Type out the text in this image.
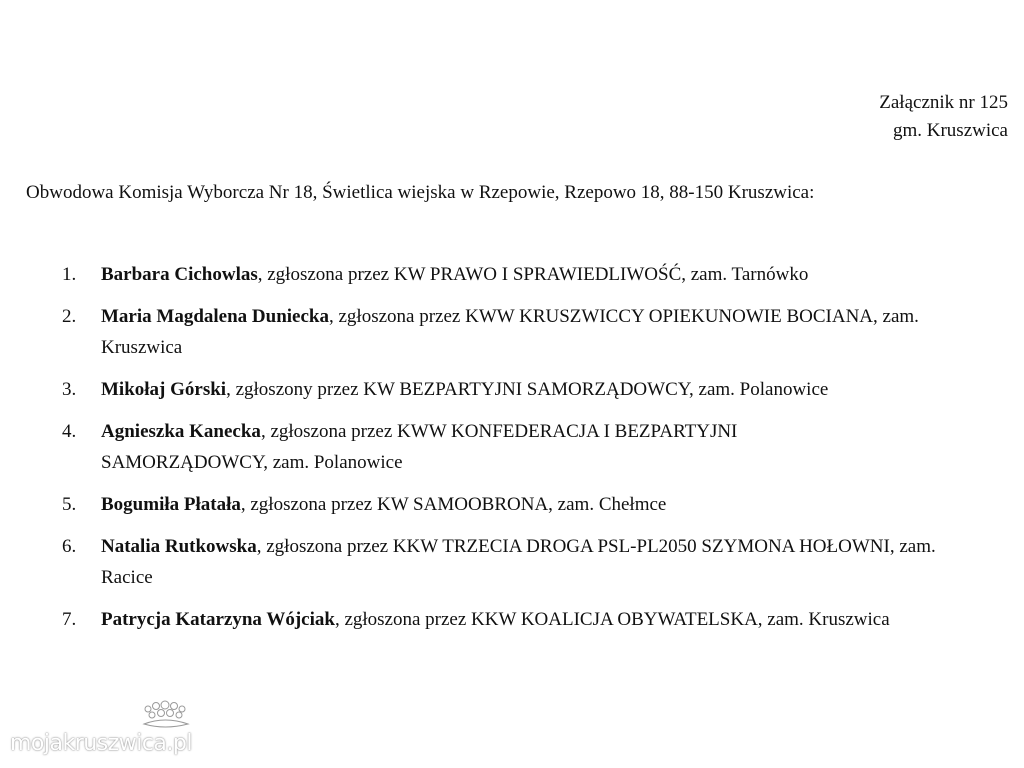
Załącznik nr 125
gm. Kruszwica
Obwodowa Komisja Wyborcza Nr 18, Świetlica wiejska w Rzepowie, Rzepowo 18, 88-150 Kruszwica:
1.	Barbara Cichowlas, zgłoszona przez KW PRAWO I SPRAWIEDLIWOŚĆ, zam. Tarnówko
2.	Maria Magdalena Duniecka, zgłoszona przez KWW KRUSZWICCY OPIEKUNOWIE BOCIANA, zam. Kruszwica
3.	Mikołaj Górski, zgłoszony przez KW BEZPARTYJNI SAMORZĄDOWCY, zam. Polanowice
4.	Agnieszka Kanecka, zgłoszona przez KWW KONFEDERACJA I BEZPARTYJNI SAMORZĄDOWCY, zam. Polanowice
5.	Bogumiła Płatała, zgłoszona przez KW SAMOOBRONA, zam. Chełmce
6.	Natalia Rutkowska, zgłoszona przez KKW TRZECIA DROGA PSL-PL2050 SZYMONA HOŁOWNI, zam. Racice
7.	Patrycja Katarzyna Wójciak, zgłoszona przez KKW KOALICJA OBYWATELSKA, zam. Kruszwica
mojakruszwica.pl
